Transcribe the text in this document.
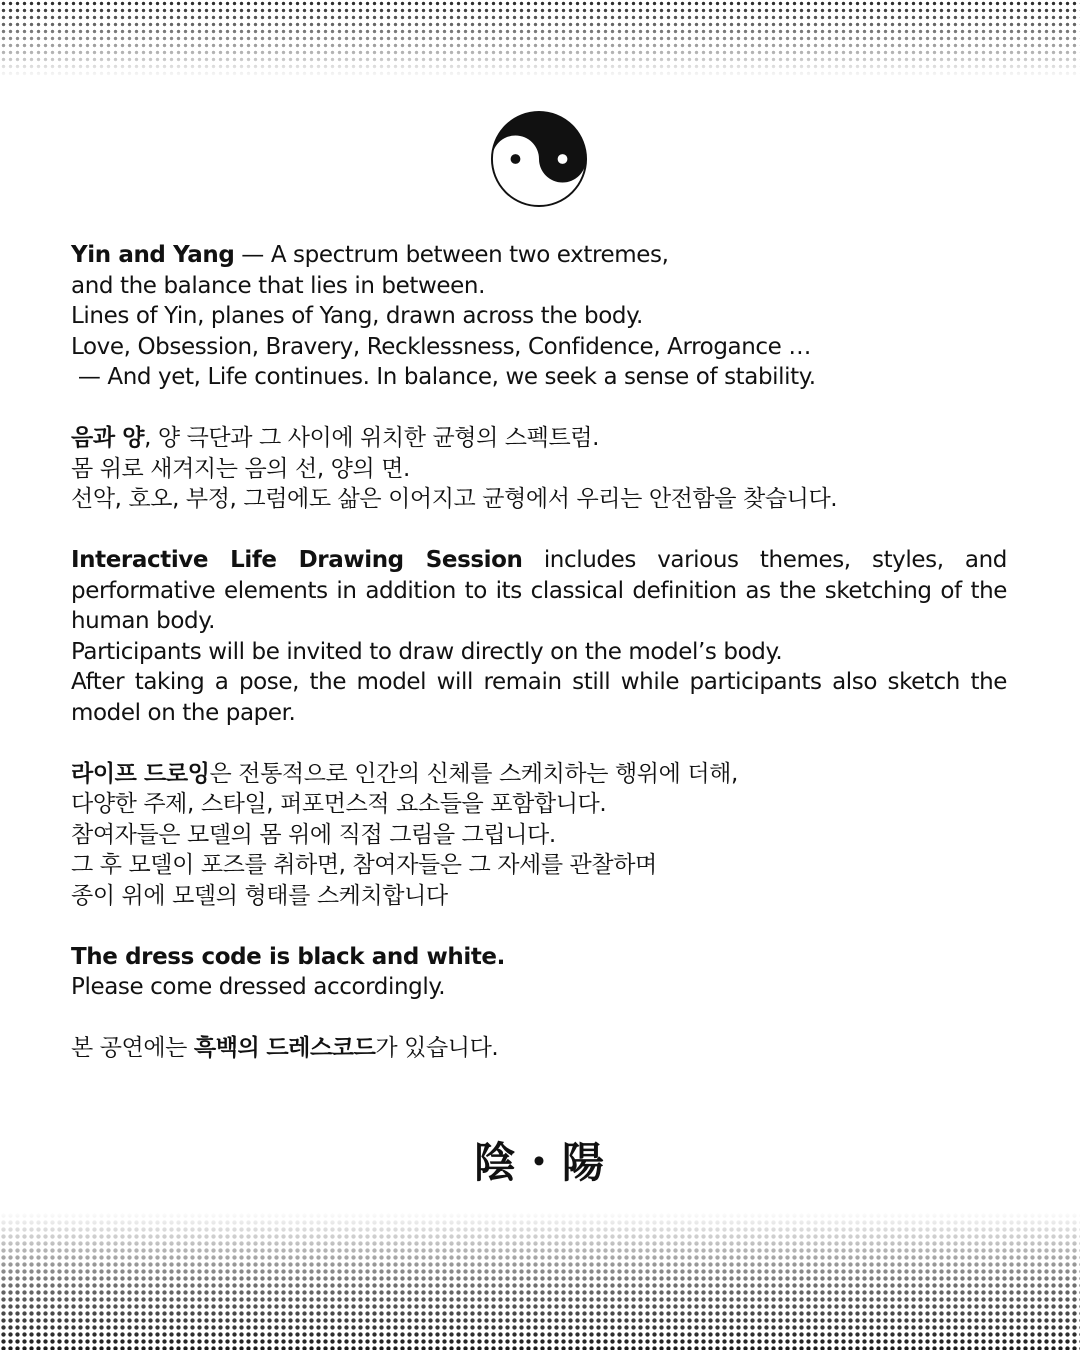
Yin and Yang — A spectrum between two extremes,
and the balance that lies in between.
Lines of Yin, planes of Yang, drawn across the body.
Love, Obsession, Bravery, Recklessness, Confidence, Arrogance …
— And yet, Life continues. In balance, we seek a sense of stability.

음과 양, 양 극단과 그 사이에 위치한 균형의 스펙트럼.
몸 위로 새겨지는 음의 선, 양의 면.
선악, 호오, 부정, 그럼에도 삶은 이어지고 균형에서 우리는 안전함을 찾습니다.

Interactive Life Drawing Session includes various themes, styles, and performative elements in addition to its classical definition as the sketching of the human body.
Participants will be invited to draw directly on the model’s body.
After taking a pose, the model will remain still while participants also sketch the model on the paper.

라이프 드로잉은 전통적으로 인간의 신체를 스케치하는 행위에 더해,
다양한 주제, 스타일, 퍼포먼스적 요소들을 포함합니다.
참여자들은 모델의 몸 위에 직접 그림을 그립니다.
그 후 모델이 포즈를 취하면, 참여자들은 그 자세를 관찰하며
종이 위에 모델의 형태를 스케치합니다

The dress code is black and white.
Please come dressed accordingly.

본 공연에는 흑백의 드레스코드가 있습니다.

陰・陽
